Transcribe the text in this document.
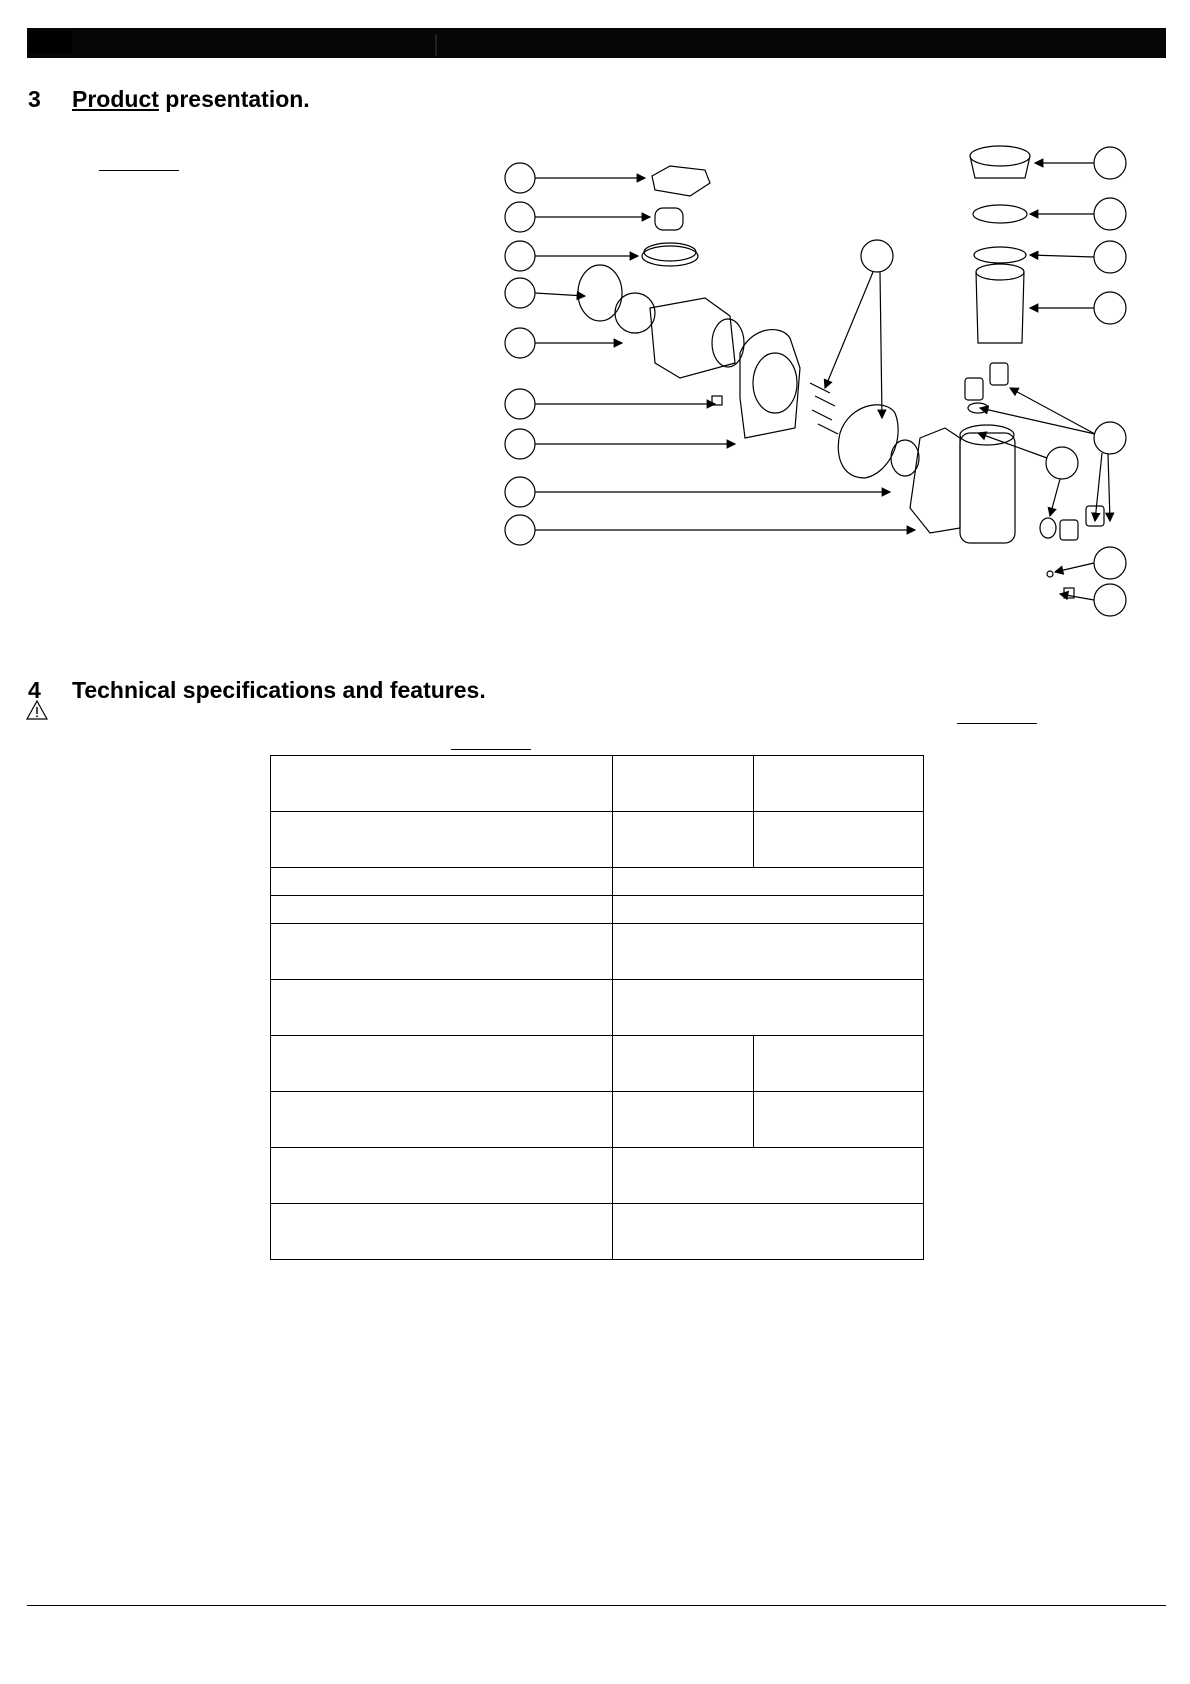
3 Product presentation.
4 Technical specifications and features.
